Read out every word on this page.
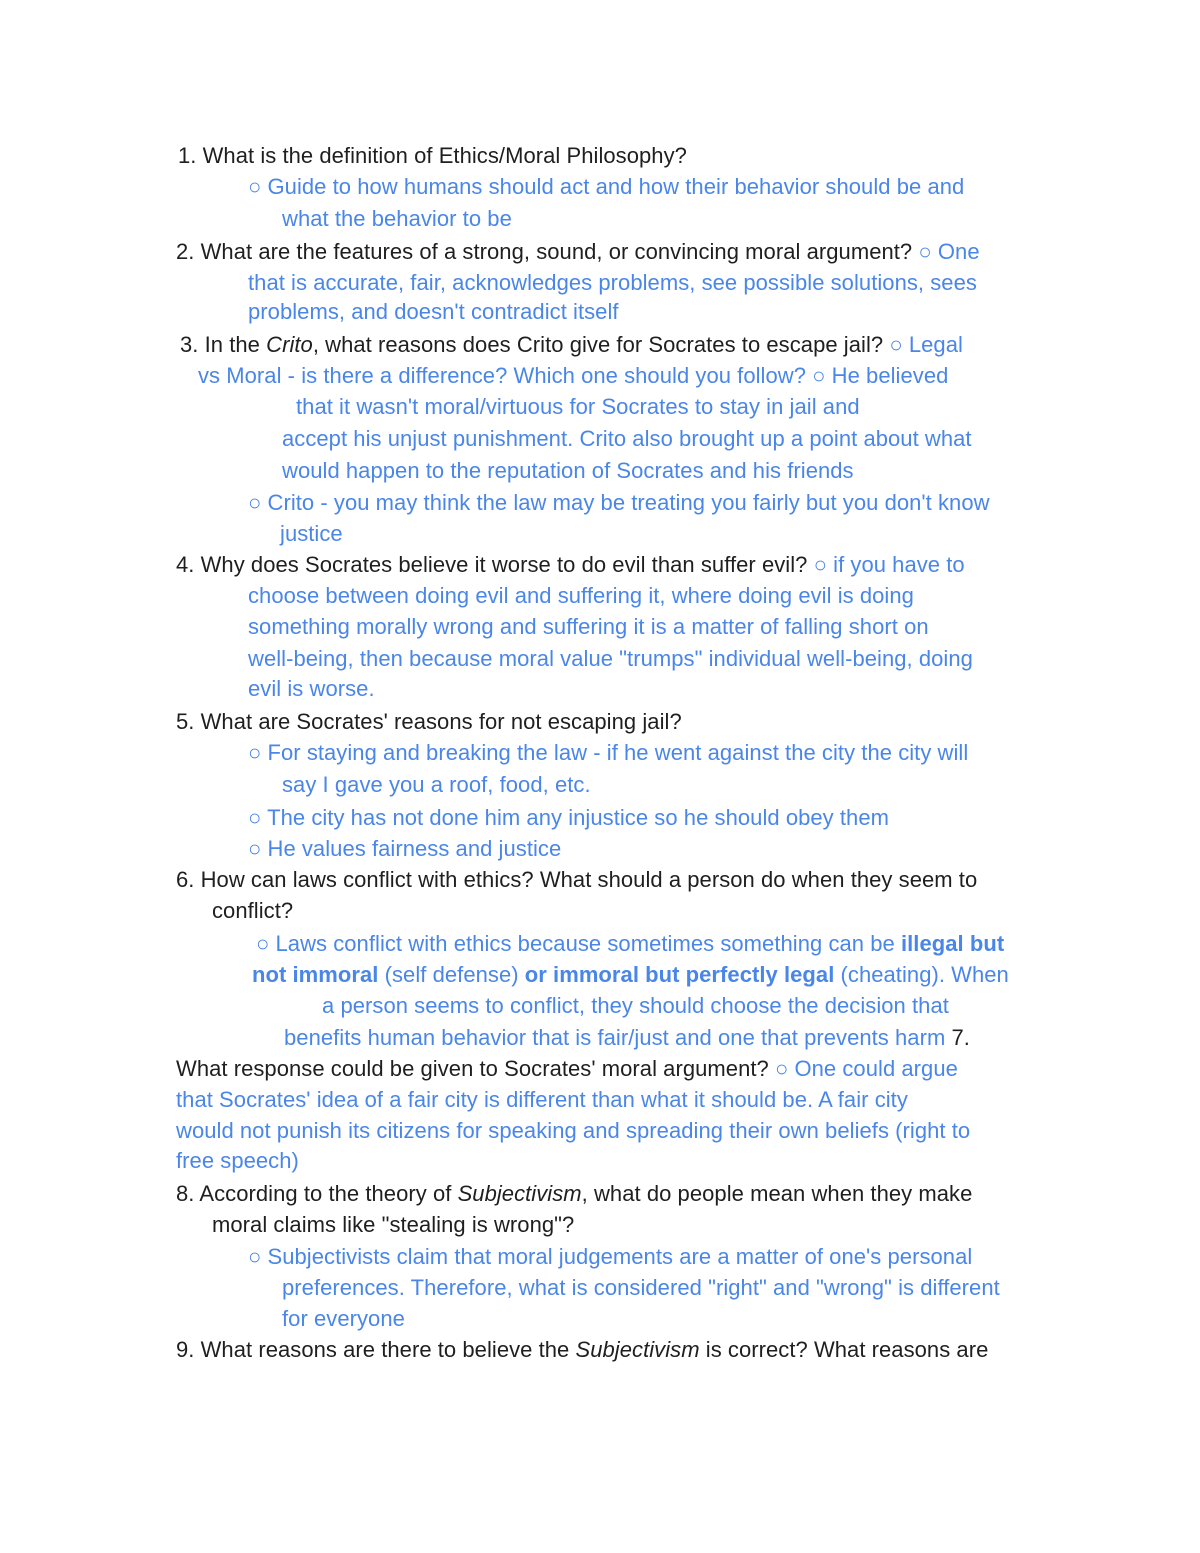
1. What is the definition of Ethics/Moral Philosophy?
○ Guide to how humans should act and how their behavior should be and
what the behavior to be
2. What are the features of a strong, sound, or convincing moral argument? ○ One
that is accurate, fair, acknowledges problems, see possible solutions, sees
problems, and doesn't contradict itself
3. In the Crito, what reasons does Crito give for Socrates to escape jail? ○ Legal
vs Moral - is there a difference? Which one should you follow? ○ He believed
that it wasn't moral/virtuous for Socrates to stay in jail and
accept his unjust punishment. Crito also brought up a point about what
would happen to the reputation of Socrates and his friends
○ Crito - you may think the law may be treating you fairly but you don't know
justice
4. Why does Socrates believe it worse to do evil than suffer evil? ○ if you have to
choose between doing evil and suffering it, where doing evil is doing
something morally wrong and suffering it is a matter of falling short on
well-being, then because moral value "trumps" individual well-being, doing
evil is worse.
5. What are Socrates' reasons for not escaping jail?
○ For staying and breaking the law - if he went against the city the city will
say I gave you a roof, food, etc.
○ The city has not done him any injustice so he should obey them
○ He values fairness and justice
6. How can laws conflict with ethics? What should a person do when they seem to
conflict?
○ Laws conflict with ethics because sometimes something can be illegal but
not immoral (self defense) or immoral but perfectly legal (cheating). When
a person seems to conflict, they should choose the decision that
benefits human behavior that is fair/just and one that prevents harm 7.
What response could be given to Socrates' moral argument? ○ One could argue
that Socrates' idea of a fair city is different than what it should be. A fair city
would not punish its citizens for speaking and spreading their own beliefs (right to
free speech)
8. According to the theory of Subjectivism, what do people mean when they make
moral claims like "stealing is wrong"?
○ Subjectivists claim that moral judgements are a matter of one's personal
preferences. Therefore, what is considered "right" and "wrong" is different
for everyone
9. What reasons are there to believe the Subjectivism is correct? What reasons are
